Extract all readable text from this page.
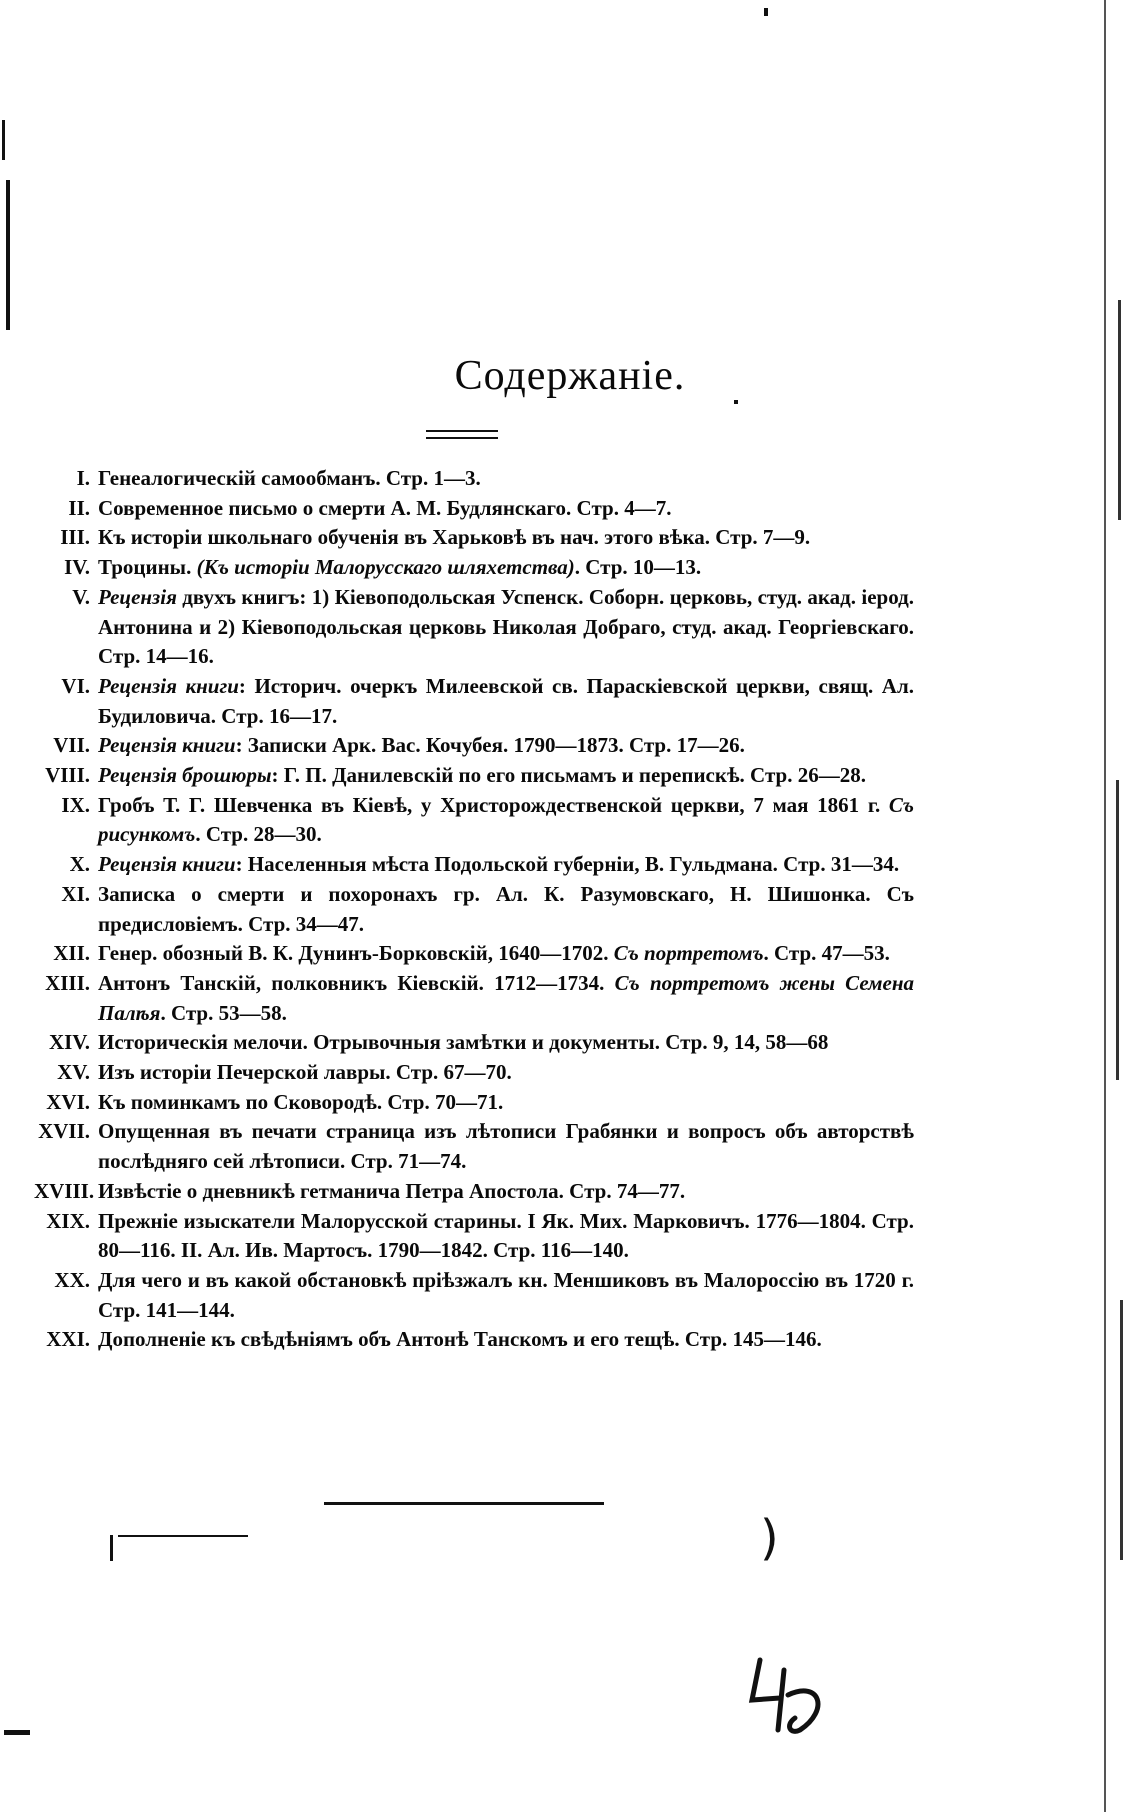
Содержаніе.
I. Генеалогическій самообманъ. Стр. 1—3.
II. Современное письмо о смерти А. М. Будлянскаго. Стр. 4—7.
III. Къ исторіи школьнаго обученія въ Харьковѣ въ нач. этого вѣка. Стр. 7—9.
IV. Троцины. (Къ исторіи Малорусскаго шляхетства). Стр. 10—13.
V. Рецензія двухъ книгъ: 1) Кіевоподольская Успенск. Соборн. церковь, студ. акад. іерод. Антонина и 2) Кіевоподольская церковь Николая Добраго, студ. акад. Георгіевскаго. Стр. 14—16.
VI. Рецензія книги: Историч. очеркъ Милеевской св. Параскіевской церкви, свящ. Ал. Будиловича. Стр. 16—17.
VII. Рецензія книги: Записки Арк. Вас. Кочубея. 1790—1873. Стр. 17—26.
VIII. Рецензія брошюры: Г. П. Данилевскій по его письмамъ и перепискѣ. Стр. 26—28.
IX. Гробъ Т. Г. Шевченка въ Кіевѣ, у Христорождественской церкви, 7 мая 1861 г. Съ рисункомъ. Стр. 28—30.
X. Рецензія книги: Населенныя мѣста Подольской губерніи, В. Гульдмана. Стр. 31—34.
XI. Записка о смерти и похоронахъ гр. Ал. К. Разумовскаго, Н. Шишонка. Съ предисловіемъ. Стр. 34—47.
XII. Генер. обозный В. К. Дунинъ-Борковскій, 1640—1702. Съ портретомъ. Стр. 47—53.
XIII. Антонъ Танскій, полковникъ Кіевскій. 1712—1734. Съ портретомъ жены Семена Палѣя. Стр. 53—58.
XIV. Историческія мелочи. Отрывочныя замѣтки и документы. Стр. 9, 14, 58—68
XV. Изъ исторіи Печерской лавры. Стр. 67—70.
XVI. Къ поминкамъ по Сковородѣ. Стр. 70—71.
XVII. Опущенная въ печати страница изъ лѣтописи Грабянки и вопросъ объ авторствѣ послѣдняго сей лѣтописи. Стр. 71—74.
XVIII. Извѣстіе о дневникѣ гетманича Петра Апостола. Стр. 74—77.
XIX. Прежніе изыскатели Малорусской старины. I Як. Мих. Марковичъ. 1776—1804. Стр. 80—116. II. Ал. Ив. Мартосъ. 1790—1842. Стр. 116—140.
XX. Для чего и въ какой обстановкѣ пріѣзжалъ кн. Меншиковъ въ Малороссію въ 1720 г. Стр. 141—144.
XXI. Дополненіе къ свѣдѣніямъ объ Антонѣ Танскомъ и его тещѣ. Стр. 145—146.
)
